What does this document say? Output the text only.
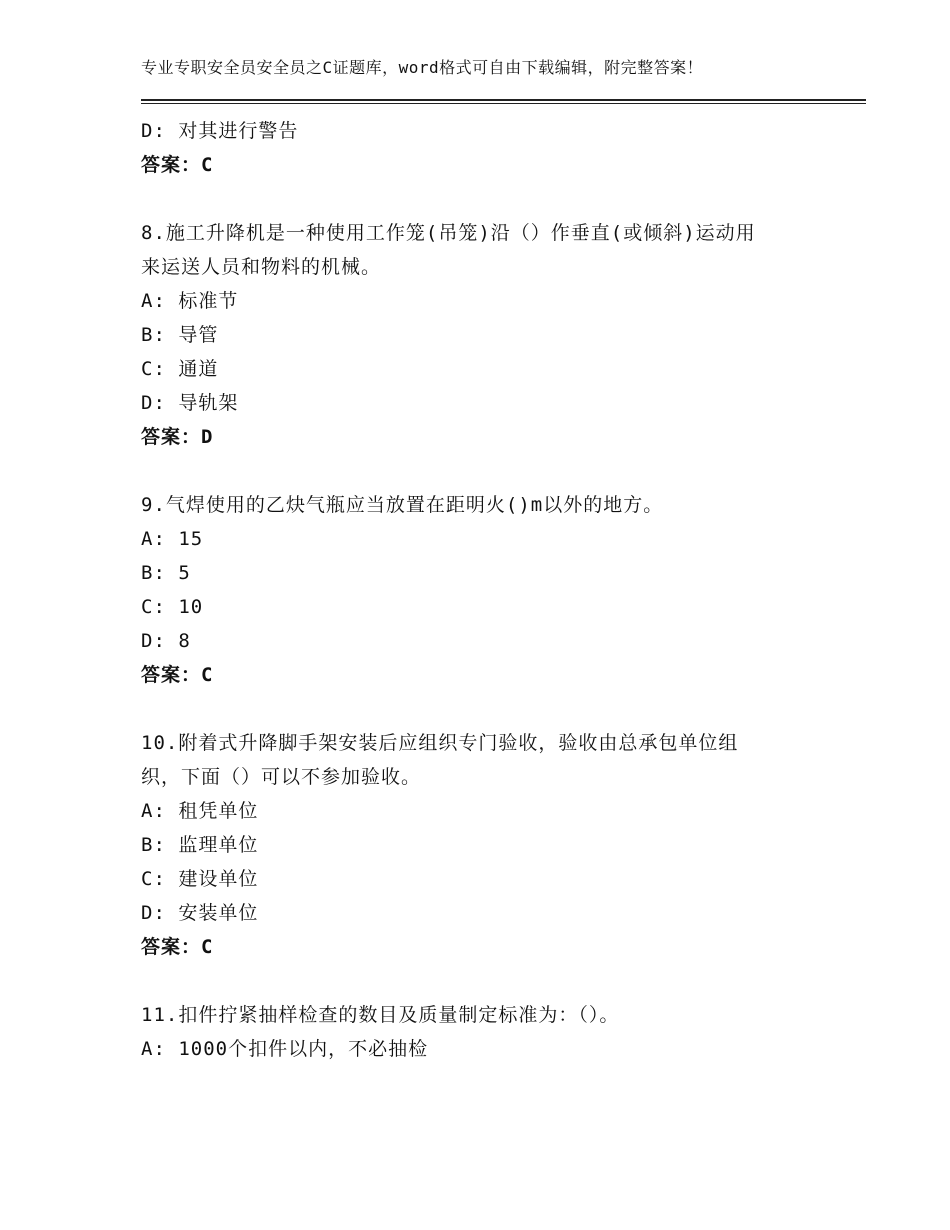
专业专职安全员安全员之C证题库，word格式可自由下载编辑，附完整答案！
D: 对其进行警告
答案：C
8.施工升降机是一种使用工作笼(吊笼)沿（）作垂直(或倾斜)运动用
来运送人员和物料的机械。
A: 标准节
B: 导管
C: 通道
D: 导轨架
答案：D
9.气焊使用的乙炔气瓶应当放置在距明火()m以外的地方。
A: 15
B: 5
C: 10
D: 8
答案：C
10.附着式升降脚手架安装后应组织专门验收，验收由总承包单位组
织，下面（）可以不参加验收。
A: 租凭单位
B: 监理单位
C: 建设单位
D: 安装单位
答案：C
11.扣件拧紧抽样检查的数目及质量制定标准为：（）。
A: 1000个扣件以内，不必抽检
